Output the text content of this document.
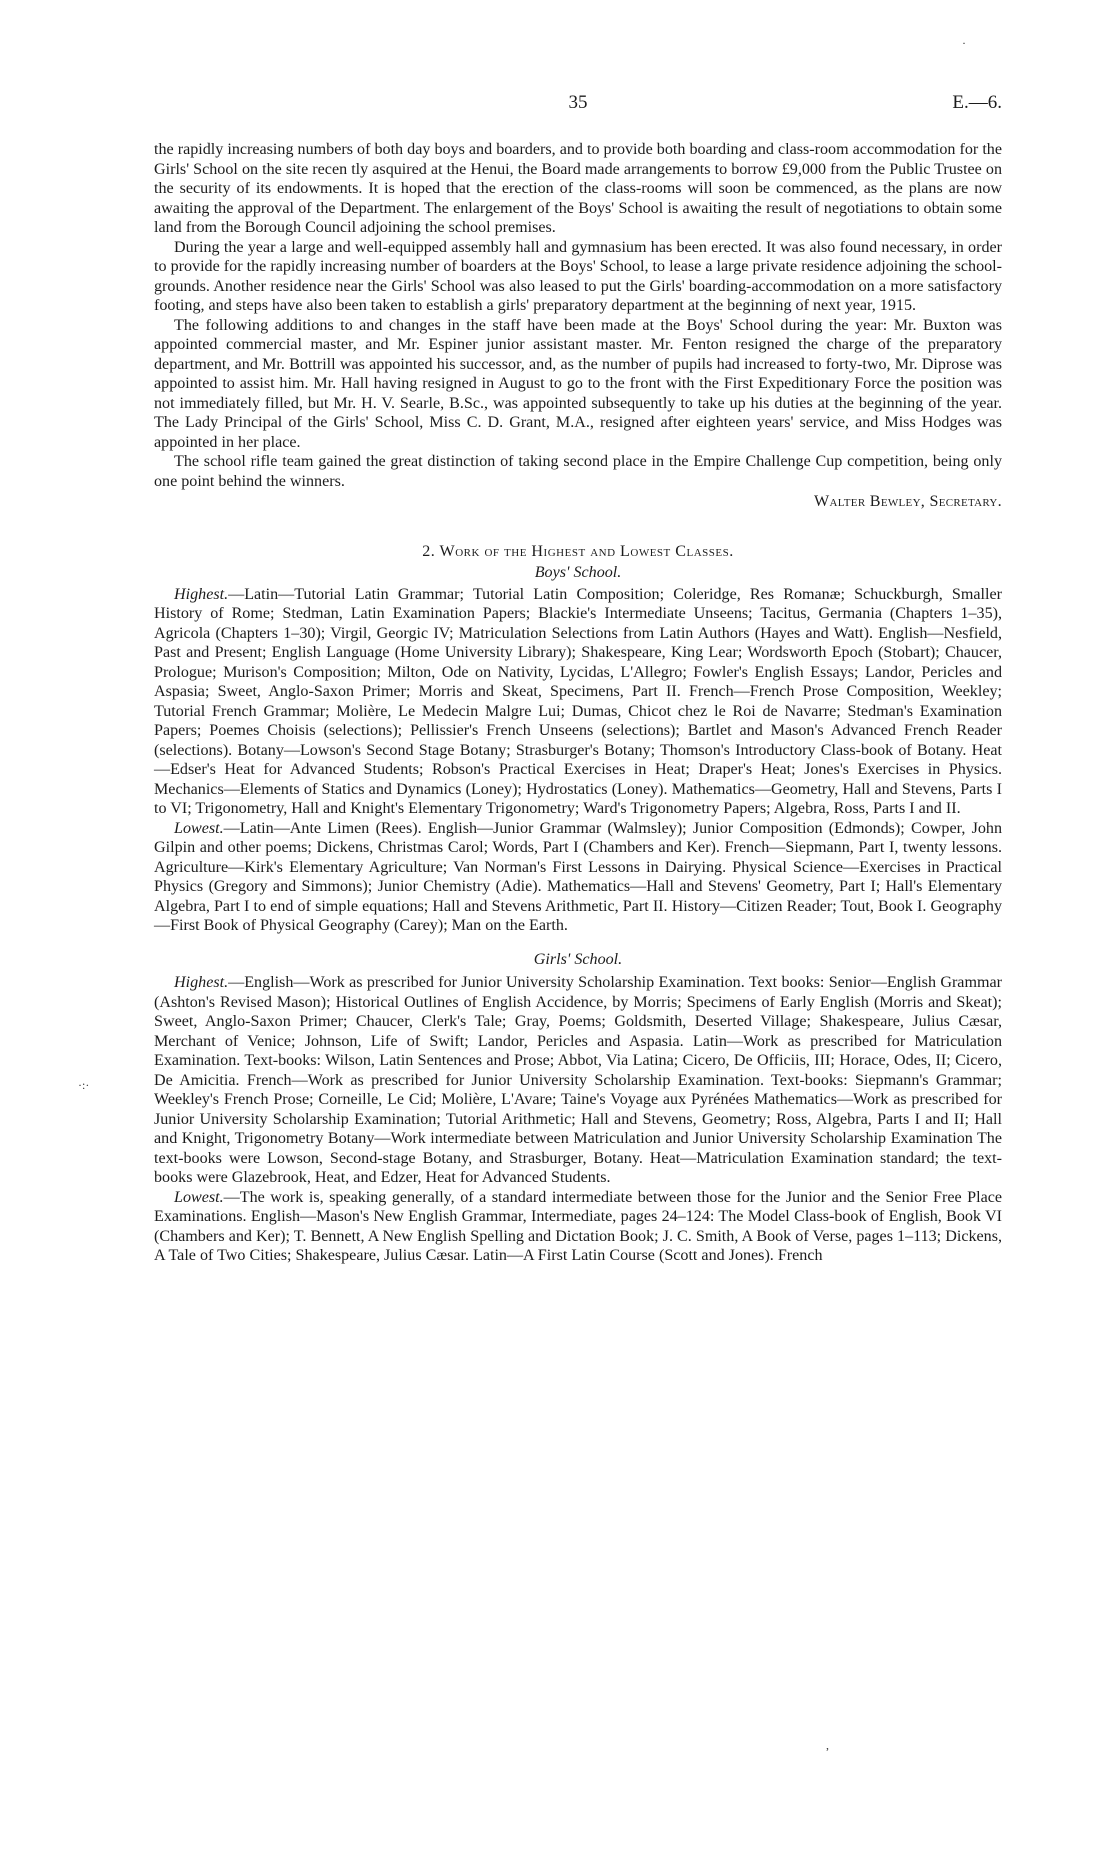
35	E.—6.

the rapidly increasing numbers of both day boys and boarders, and to provide both boarding and class-room accommodation for the Girls' School on the site recen tly asquired at the Henui, the Board made arrangements to borrow £9,000 from the Public Trustee on the security of its endowments. It is hoped that the erection of the class-rooms will soon be commenced, as the plans are now awaiting the approval of the Department. The enlargement of the Boys' School is awaiting the result of negotiations to obtain some land from the Borough Council adjoining the school premises.

During the year a large and well-equipped assembly hall and gymnasium has been erected. It was also found necessary, in order to provide for the rapidly increasing number of boarders at the Boys' School, to lease a large private residence adjoining the school-grounds. Another residence near the Girls' School was also leased to put the Girls' boarding-accommodation on a more satisfactory footing, and steps have also been taken to establish a girls' preparatory department at the beginning of next year, 1915.

The following additions to and changes in the staff have been made at the Boys' School during the year: Mr. Buxton was appointed commercial master, and Mr. Espiner junior assistant master. Mr. Fenton resigned the charge of the preparatory department, and Mr. Bottrill was appointed his successor, and, as the number of pupils had increased to forty-two, Mr. Diprose was appointed to assist him. Mr. Hall having resigned in August to go to the front with the First Expeditionary Force the position was not immediately filled, but Mr. H. V. Searle, B.Sc., was appointed subsequently to take up his duties at the beginning of the year. The Lady Principal of the Girls' School, Miss C. D. Grant, M.A., resigned after eighteen years' service, and Miss Hodges was appointed in her place.

The school rifle team gained the great distinction of taking second place in the Empire Challenge Cup competition, being only one point behind the winners.

Walter Bewley, Secretary.

2. Work of the Highest and Lowest Classes.

Boys' School.

Highest.—Latin—Tutorial Latin Grammar; Tutorial Latin Composition; Coleridge, Res Romanæ; Schuckburgh, Smaller History of Rome; Stedman, Latin Examination Papers; Blackie's Intermediate Unseens; Tacitus, Germania (Chapters 1–35), Agricola (Chapters 1–30); Virgil, Georgic IV; Matriculation Selections from Latin Authors (Hayes and Watt). English—Nesfield, Past and Present; English Language (Home University Library); Shakespeare, King Lear; Wordsworth Epoch (Stobart); Chaucer, Prologue; Murison's Composition; Milton, Ode on Nativity, Lycidas, L'Allegro; Fowler's English Essays; Landor, Pericles and Aspasia; Sweet, Anglo-Saxon Primer; Morris and Skeat, Specimens, Part II. French—French Prose Composition, Weekley; Tutorial French Grammar; Molière, Le Medecin Malgre Lui; Dumas, Chicot chez le Roi de Navarre; Stedman's Examination Papers; Poemes Choisis (selections); Pellissier's French Unseens (selections); Bartlet and Mason's Advanced French Reader (selections). Botany—Lowson's Second Stage Botany; Strasburger's Botany; Thomson's Introductory Class-book of Botany. Heat—Edser's Heat for Advanced Students; Robson's Practical Exercises in Heat; Draper's Heat; Jones's Exercises in Physics. Mechanics—Elements of Statics and Dynamics (Loney); Hydrostatics (Loney). Mathematics—Geometry, Hall and Stevens, Parts I to VI; Trigonometry, Hall and Knight's Elementary Trigonometry; Ward's Trigonometry Papers; Algebra, Ross, Parts I and II.

Lowest.—Latin—Ante Limen (Rees). English—Junior Grammar (Walmsley); Junior Composition (Edmonds); Cowper, John Gilpin and other poems; Dickens, Christmas Carol; Words, Part I (Chambers and Ker). French—Siepmann, Part I, twenty lessons. Agriculture—Kirk's Elementary Agriculture; Van Norman's First Lessons in Dairying. Physical Science—Exercises in Practical Physics (Gregory and Simmons); Junior Chemistry (Adie). Mathematics—Hall and Stevens' Geometry, Part I; Hall's Elementary Algebra, Part I to end of simple equations; Hall and Stevens Arithmetic, Part II. History—Citizen Reader; Tout, Book I. Geography—First Book of Physical Geography (Carey); Man on the Earth.

Girls' School.

Highest.—English—Work as prescribed for Junior University Scholarship Examination. Text books: Senior—English Grammar (Ashton's Revised Mason); Historical Outlines of English Accidence, by Morris; Specimens of Early English (Morris and Skeat); Sweet, Anglo-Saxon Primer; Chaucer, Clerk's Tale; Gray, Poems; Goldsmith, Deserted Village; Shakespeare, Julius Cæsar, Merchant of Venice; Johnson, Life of Swift; Landor, Pericles and Aspasia. Latin—Work as prescribed for Matriculation Examination. Text-books: Wilson, Latin Sentences and Prose; Abbot, Via Latina; Cicero, De Officiis, III; Horace, Odes, II; Cicero, De Amicitia. French—Work as prescribed for Junior University Scholarship Examination. Text-books: Siepmann's Grammar; Weekley's French Prose; Corneille, Le Cid; Molière, L'Avare; Taine's Voyage aux Pyrénées Mathematics—Work as prescribed for Junior University Scholarship Examination; Tutorial Arithmetic; Hall and Stevens, Geometry; Ross, Algebra, Parts I and II; Hall and Knight, Trigonometry Botany—Work intermediate between Matriculation and Junior University Scholarship Examination The text-books were Lowson, Second-stage Botany, and Strasburger, Botany. Heat—Matriculation Examination standard; the text-books were Glazebrook, Heat, and Edzer, Heat for Advanced Students.

Lowest.—The work is, speaking generally, of a standard intermediate between those for the Junior and the Senior Free Place Examinations. English—Mason's New English Grammar, Intermediate, pages 24–124: The Model Class-book of English, Book VI (Chambers and Ker); T. Bennett, A New English Spelling and Dictation Book; J. C. Smith, A Book of Verse, pages 1–113; Dickens, A Tale of Two Cities; Shakespeare, Julius Cæsar. Latin—A First Latin Course (Scott and Jones). French

·
·:·
,
